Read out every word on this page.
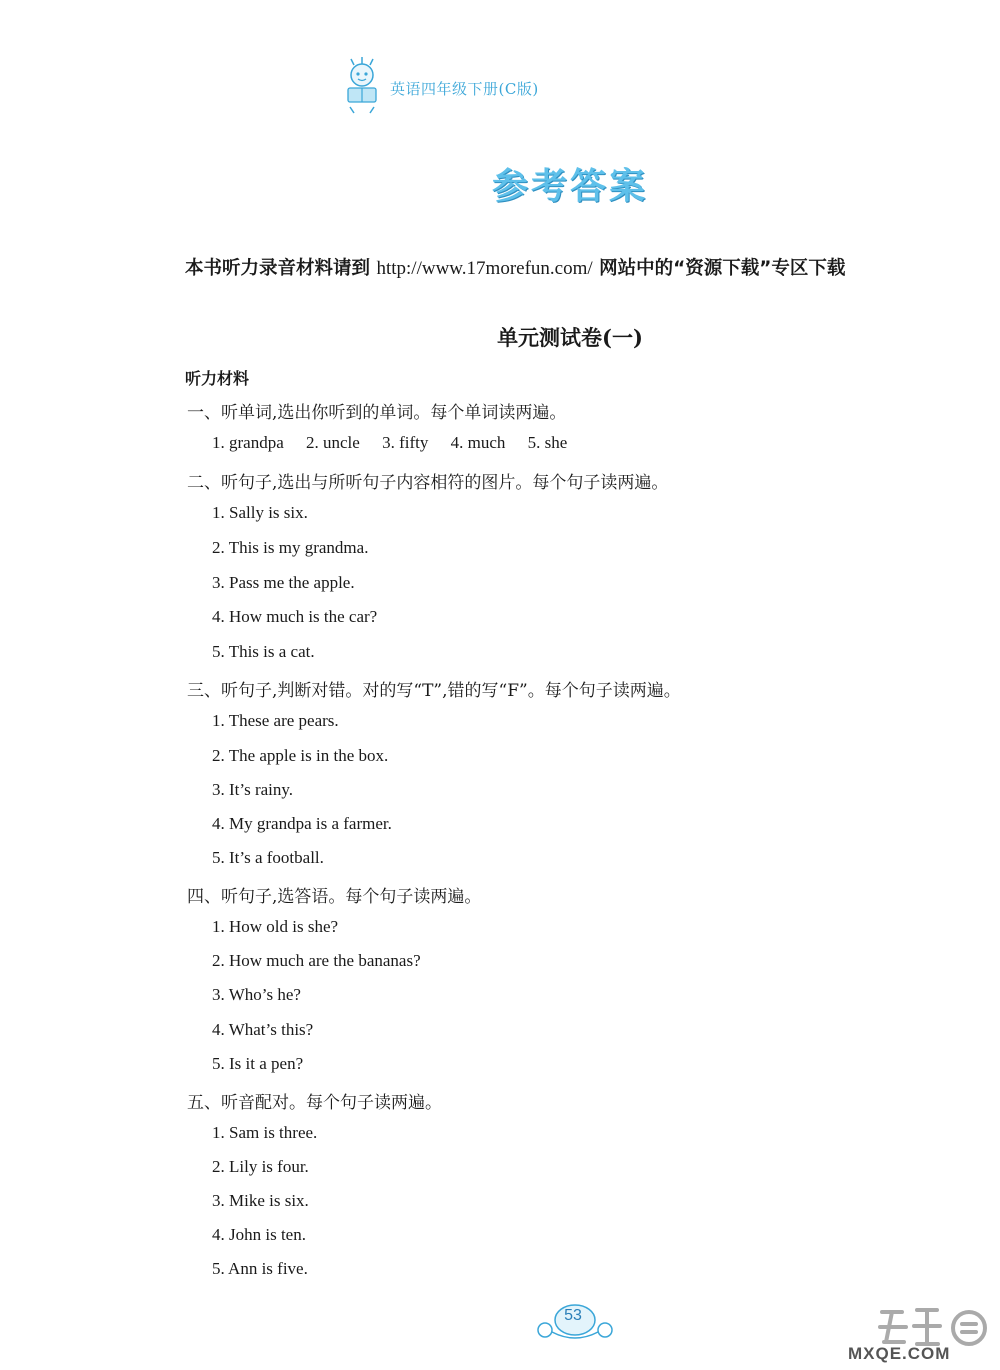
英语四年级下册(C版)
参考答案
本书听力录音材料请到 http://www.17morefun.com/ 网站中的“资源下载”专区下载
单元测试卷(一)
听力材料
一、听单词,选出你听到的单词。每个单词读两遍。
1. grandpa 2. uncle 3. fifty 4. much 5. she
二、听句子,选出与所听句子内容相符的图片。每个句子读两遍。
1. Sally is six.
2. This is my grandma.
3. Pass me the apple.
4. How much is the car?
5. This is a cat.
三、听句子,判断对错。对的写“T”,错的写“F”。每个句子读两遍。
1. These are pears.
2. The apple is in the box.
3. It’s rainy.
4. My grandpa is a farmer.
5. It’s a football.
四、听句子,选答语。每个句子读两遍。
1. How old is she?
2. How much are the bananas?
3. Who’s he?
4. What’s this?
5. Is it a pen?
五、听音配对。每个句子读两遍。
1. Sam is three.
2. Lily is four.
3. Mike is six.
4. John is ten.
5. Ann is five.
53
MXQE.COM
